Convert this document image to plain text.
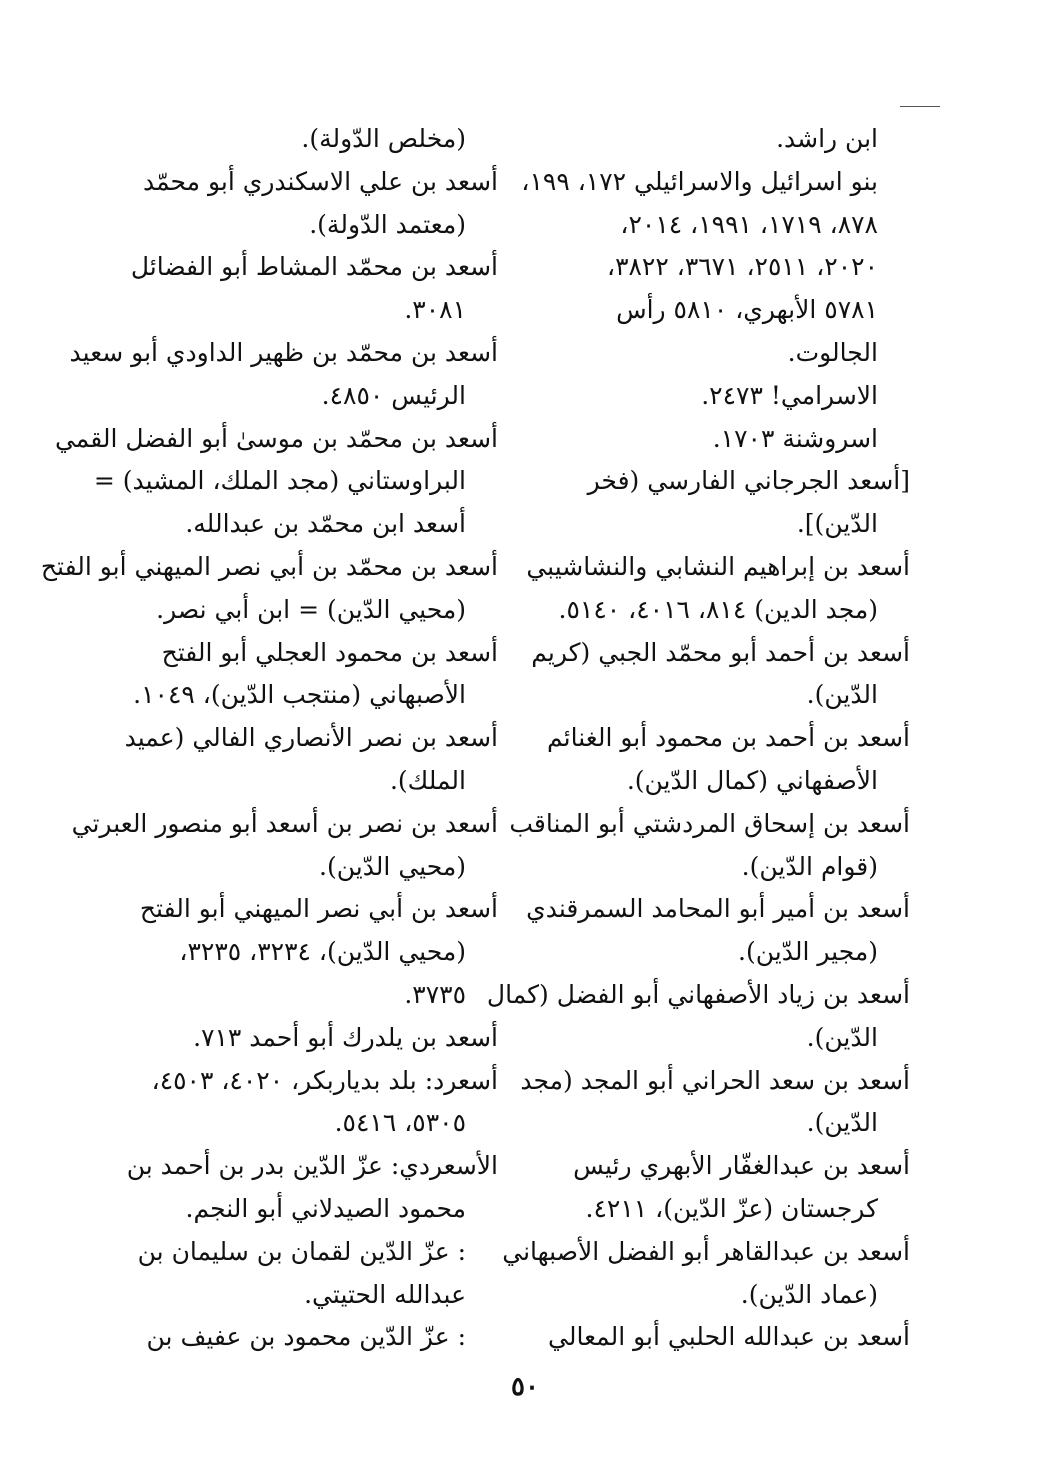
ابن راشد.
بنو اسرائيل والاسرائيلي ١٧٢، ١٩٩،
٨٧٨، ١٧١٩، ١٩٩١، ٢٠١٤،
٢٠٢٠، ٢٥١١، ٣٦٧١، ٣٨٢٢،
٥٧٨١ الأبهري، ٥٨١٠ رأس
الجالوت.
الاسرامي! ٢٤٧٣.
اسروشنة ١٧٠٣.
[أسعد الجرجاني الفارسي (فخر
الدّين)].
أسعد بن إبراهيم النشابي والنشاشيبي
(مجد الدين) ٨١٤، ٤٠١٦، ٥١٤٠.
أسعد بن أحمد أبو محمّد الجبي (كريم
الدّين).
أسعد بن أحمد بن محمود أبو الغنائم
الأصفهاني (كمال الدّين).
أسعد بن إسحاق المردشتي أبو المناقب
(قوام الدّين).
أسعد بن أمير أبو المحامد السمرقندي
(مجير الدّين).
أسعد بن زياد الأصفهاني أبو الفضل (كمال
الدّين).
أسعد بن سعد الحراني أبو المجد (مجد
الدّين).
أسعد بن عبدالغفّار الأبهري رئيس
كرجستان (عزّ الدّين)، ٤٢١١.
أسعد بن عبدالقاهر أبو الفضل الأصبهاني
(عماد الدّين).
أسعد بن عبدالله الحلبي أبو المعالي
(مخلص الدّولة).
أسعد بن علي الاسكندري أبو محمّد
(معتمد الدّولة).
أسعد بن محمّد المشاط أبو الفضائل
٣٠٨١.
أسعد بن محمّد بن ظهير الداودي أبو سعيد
الرئيس ٤٨٥٠.
أسعد بن محمّد بن موسىٰ أبو الفضل القمي
البراوستاني (مجد الملك، المشيد) =
أسعد ابن محمّد بن عبدالله.
أسعد بن محمّد بن أبي نصر الميهني أبو الفتح
(محيي الدّين) = ابن أبي نصر.
أسعد بن محمود العجلي أبو الفتح
الأصبهاني (منتجب الدّين)، ١٠٤٩.
أسعد بن نصر الأنصاري الفالي (عميد
الملك).
أسعد بن نصر بن أسعد أبو منصور العبرتي
(محيي الدّين).
أسعد بن أبي نصر الميهني أبو الفتح
(محيي الدّين)، ٣٢٣٤، ٣٢٣٥،
٣٧٣٥.
أسعد بن يلدرك أبو أحمد ٧١٣.
أسعرد: بلد بدياربكر، ٤٠٢٠، ٤٥٠٣،
٥٣٠٥، ٥٤١٦.
الأسعردي: عزّ الدّين بدر بن أحمد بن
محمود الصيدلاني أبو النجم.
: عزّ الدّين لقمان بن سليمان بن
عبدالله الحتيتي.
: عزّ الدّين محمود بن عفيف بن
٥٠
